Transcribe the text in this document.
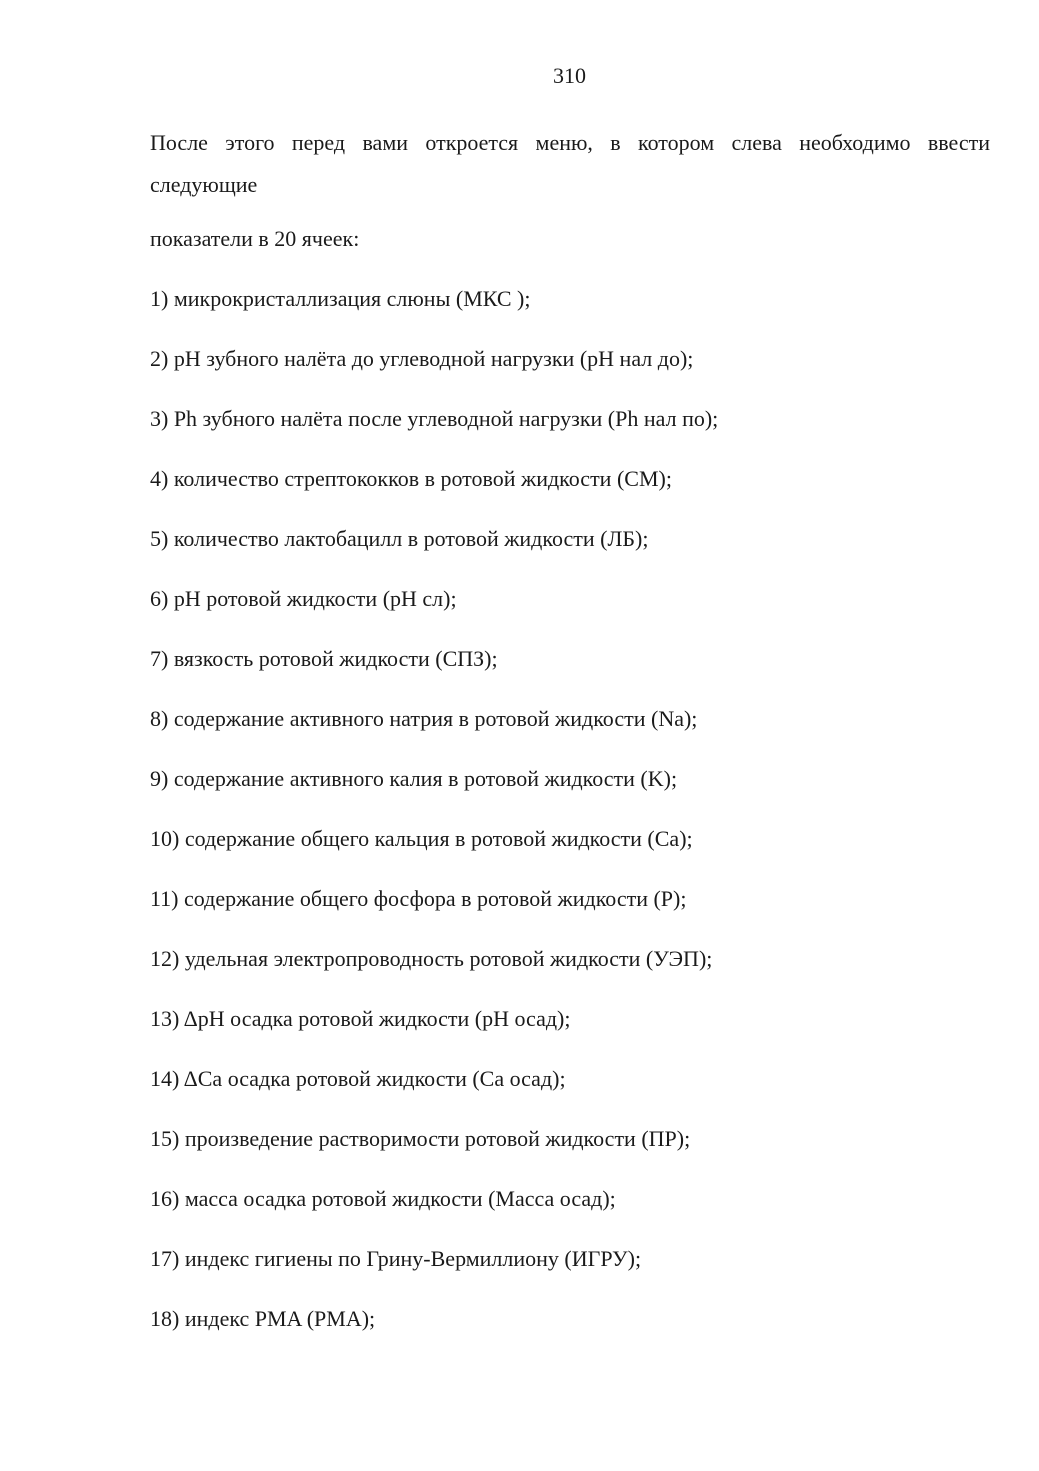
310

После этого перед вами откроется меню, в котором слева необходимо ввести
следующие

показатели в 20 ячеек:

1) микрокристаллизация слюны (МКС );
2) pH зубного налёта до углеводной нагрузки (pH нал до);
3) Ph зубного налёта после углеводной нагрузки (Ph нал по);
4) количество стрептококков в ротовой жидкости (СМ);
5) количество лактобацилл в ротовой жидкости (ЛБ);
6) pH ротовой жидкости (pH сл);
7) вязкость ротовой жидкости (СПЗ);
8) содержание активного натрия в ротовой жидкости (Na);
9) содержание активного калия в ротовой жидкости (K);
10) содержание общего кальция в ротовой жидкости (Ca);
11) содержание общего фосфора в ротовой жидкости (P);
12) удельная электропроводность ротовой жидкости (УЭП);
13) ΔpH осадка ротовой жидкости (pH осад);
14) ΔCa осадка ротовой жидкости (Ca осад);
15) произведение растворимости ротовой жидкости (ПР);
16) масса осадка ротовой жидкости (Масса осад);
17) индекс гигиены по Грину-Вермиллиону (ИГРУ);
18) индекс PMA (PMA);
